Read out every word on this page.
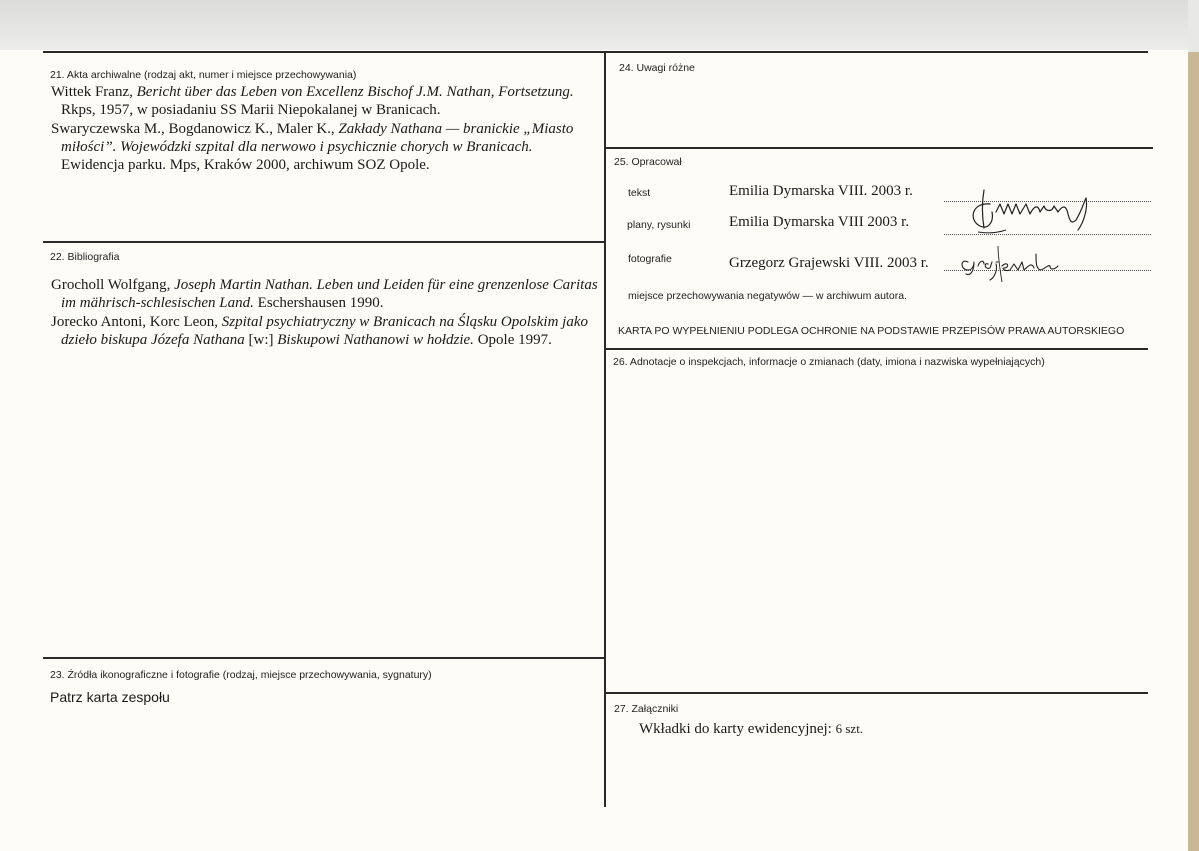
21. Akta archiwalne (rodzaj akt, numer i miejsce przechowywania)
Wittek Franz, Bericht über das Leben von Excellenz Bischof J.M. Nathan, Fortsetzung. Rkps, 1957, w posiadaniu SS Marii Niepokalanej w Branicach.
Swaryczewska M., Bogdanowicz K., Maler K., Zakłady Nathana — branickie „Miasto miłości”. Wojewódzki szpital dla nerwowo i psychicznie chorych w Branicach. Ewidencja parku. Mps, Kraków 2000, archiwum SOZ Opole.
22. Bibliografia
Grocholl Wolfgang, Joseph Martin Nathan. Leben und Leiden für eine grenzenlose Caritas im mährisch-schlesischen Land. Eschershausen 1990.
Jorecko Antoni, Korc Leon, Szpital psychiatryczny w Branicach na Śląsku Opolskim jako dzieło biskupa Józefa Nathana [w:] Biskupowi Nathanowi w hołdzie. Opole 1997.
23. Źródła ikonograficzne i fotografie (rodzaj, miejsce przechowywania, sygnatury)
Patrz karta zespołu
24. Uwagi różne
25. Opracował
tekst	Emilia Dymarska VIII. 2003 r.
plany, rysunki	Emilia Dymarska VIII 2003 r.
fotografie	Grzegorz Grajewski VIII. 2003 r.
miejsce przechowywania negatywów — w archiwum autora.
KARTA PO WYPEŁNIENIU PODLEGA OCHRONIE NA PODSTAWIE PRZEPISÓW PRAWA AUTORSKIEGO
26. Adnotacje o inspekcjach, informacje o zmianach (daty, imiona i nazwiska wypełniających)
27. Załączniki
Wkładki do karty ewidencyjnej: 6 szt.
